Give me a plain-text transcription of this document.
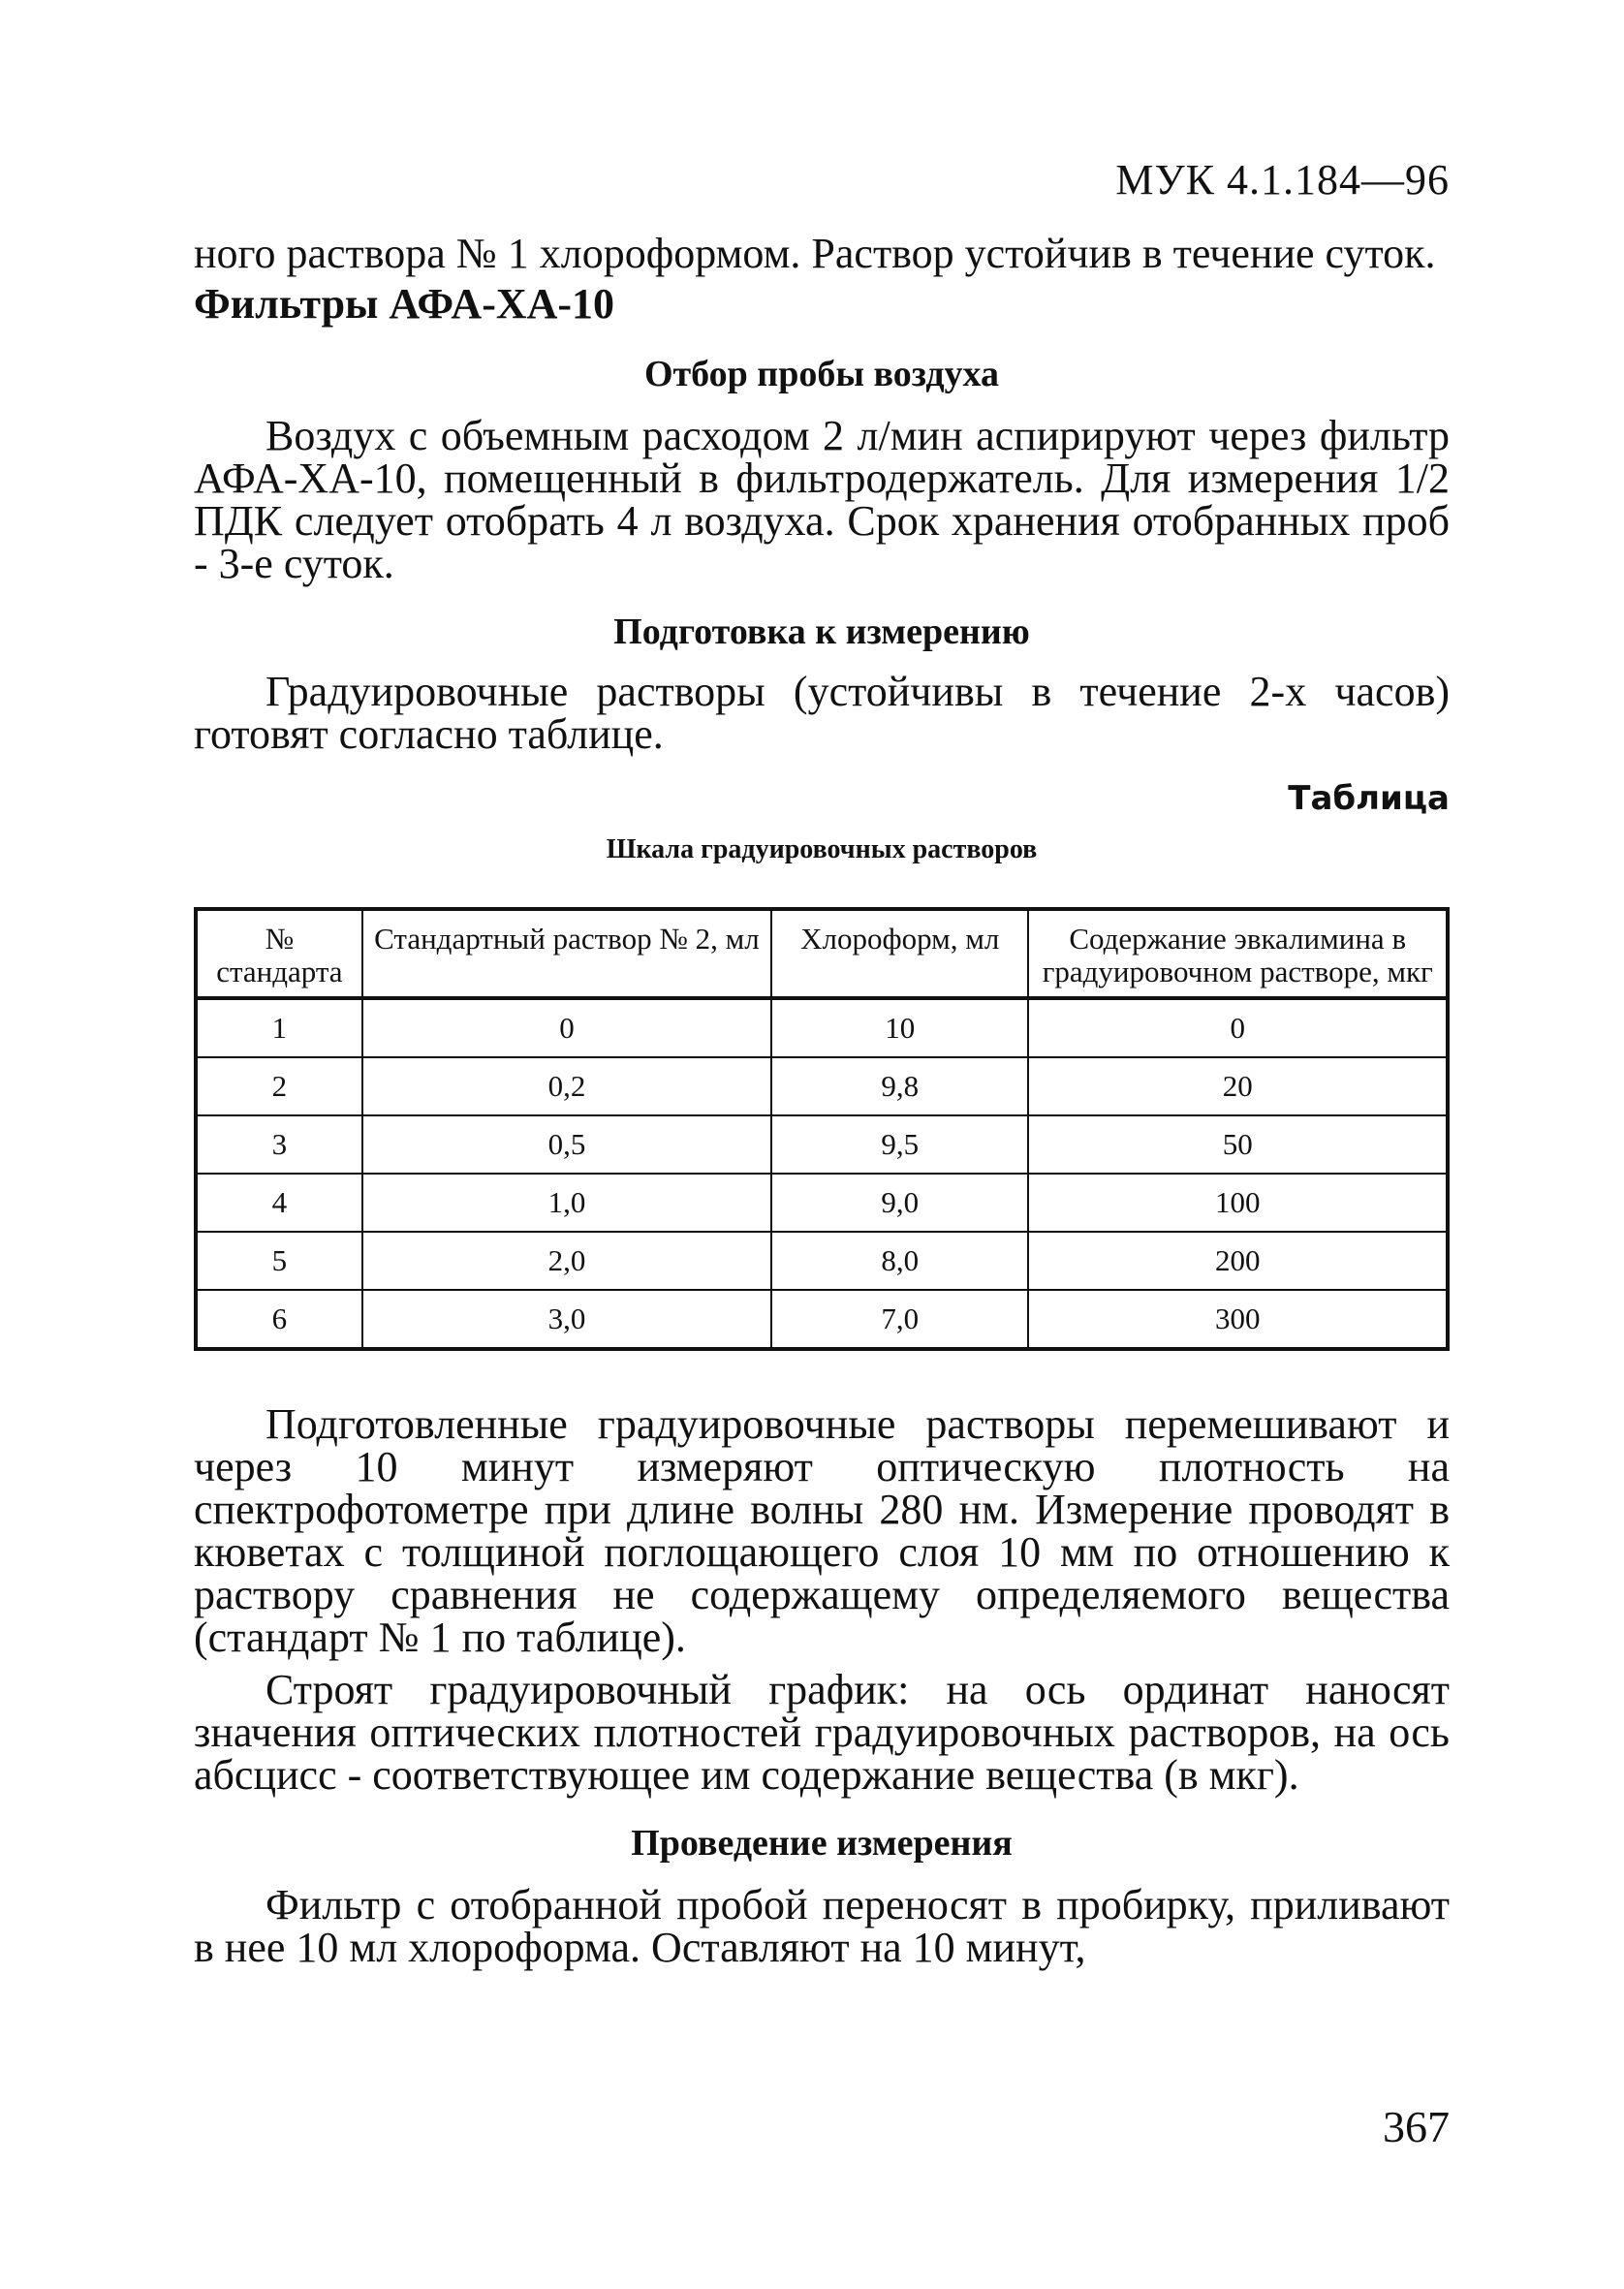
МУК 4.1.184—96

ного раствора № 1 хлороформом. Раствор устойчив в течение суток.

Фильтры АФА-ХА-10

Отбор пробы воздуха

Воздух с объемным расходом 2 л/мин аспирируют через фильтр АФА-ХА-10, помещенный в фильтродержатель. Для измерения 1/2 ПДК следует отобрать 4 л воздуха. Срок хранения отобранных проб - 3-е суток.

Подготовка к измерению

Градуировочные растворы (устойчивы в течение 2-х часов) готовят согласно таблице.

Таблица
Шкала градуировочных растворов
№ стандарта	Стандартный раствор № 2, мл	Хлороформ, мл	Содержание эвкалимина в градуировочном растворе, мкг
1	0	10	0
2	0,2	9,8	20
3	0,5	9,5	50
4	1,0	9,0	100
5	2,0	8,0	200
6	3,0	7,0	300

Подготовленные градуировочные растворы перемешивают и через 10 минут измеряют оптическую плотность на спектрофотометре при длине волны 280 нм. Измерение проводят в кюветах с толщиной поглощающего слоя 10 мм по отношению к раствору сравнения не содержащему определяемого вещества (стандарт № 1 по таблице).

Строят градуировочный график: на ось ординат наносят значения оптических плотностей градуировочных растворов, на ось абсцисс - соответствующее им содержание вещества (в мкг).

Проведение измерения

Фильтр с отобранной пробой переносят в пробирку, приливают в нее 10 мл хлороформа. Оставляют на 10 минут,

367
